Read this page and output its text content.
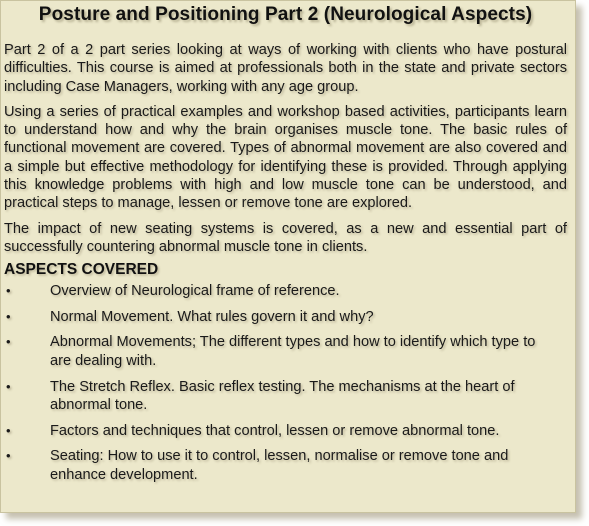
Posture and Positioning Part 2 (Neurological Aspects)

Part 2 of a 2 part series looking at ways of working with clients who have postural difficulties. This course is aimed at professionals both in the state and private sectors including Case Managers, working with any age group.

Using a series of practical examples and workshop based activities, participants learn to understand how and why the brain organises muscle tone. The basic rules of functional movement are covered. Types of abnormal movement are also covered and a simple but effective methodology for identifying these is provided. Through applying this knowledge problems with high and low muscle tone can be understood, and practical steps to manage, lessen or remove tone are explored.

The impact of new seating systems is covered, as a new and essential part of successfully countering abnormal muscle tone in clients.

ASPECTS COVERED
•	Overview of Neurological frame of reference.
•	Normal Movement. What rules govern it and why?
•	Abnormal Movements; The different types and how to identify which type to are dealing with.
•	The Stretch Reflex. Basic reflex testing. The mechanisms at the heart of abnormal tone.
•	Factors and techniques that control, lessen or remove abnormal tone.
•	Seating: How to use it to control, lessen, normalise or remove tone and enhance development.
